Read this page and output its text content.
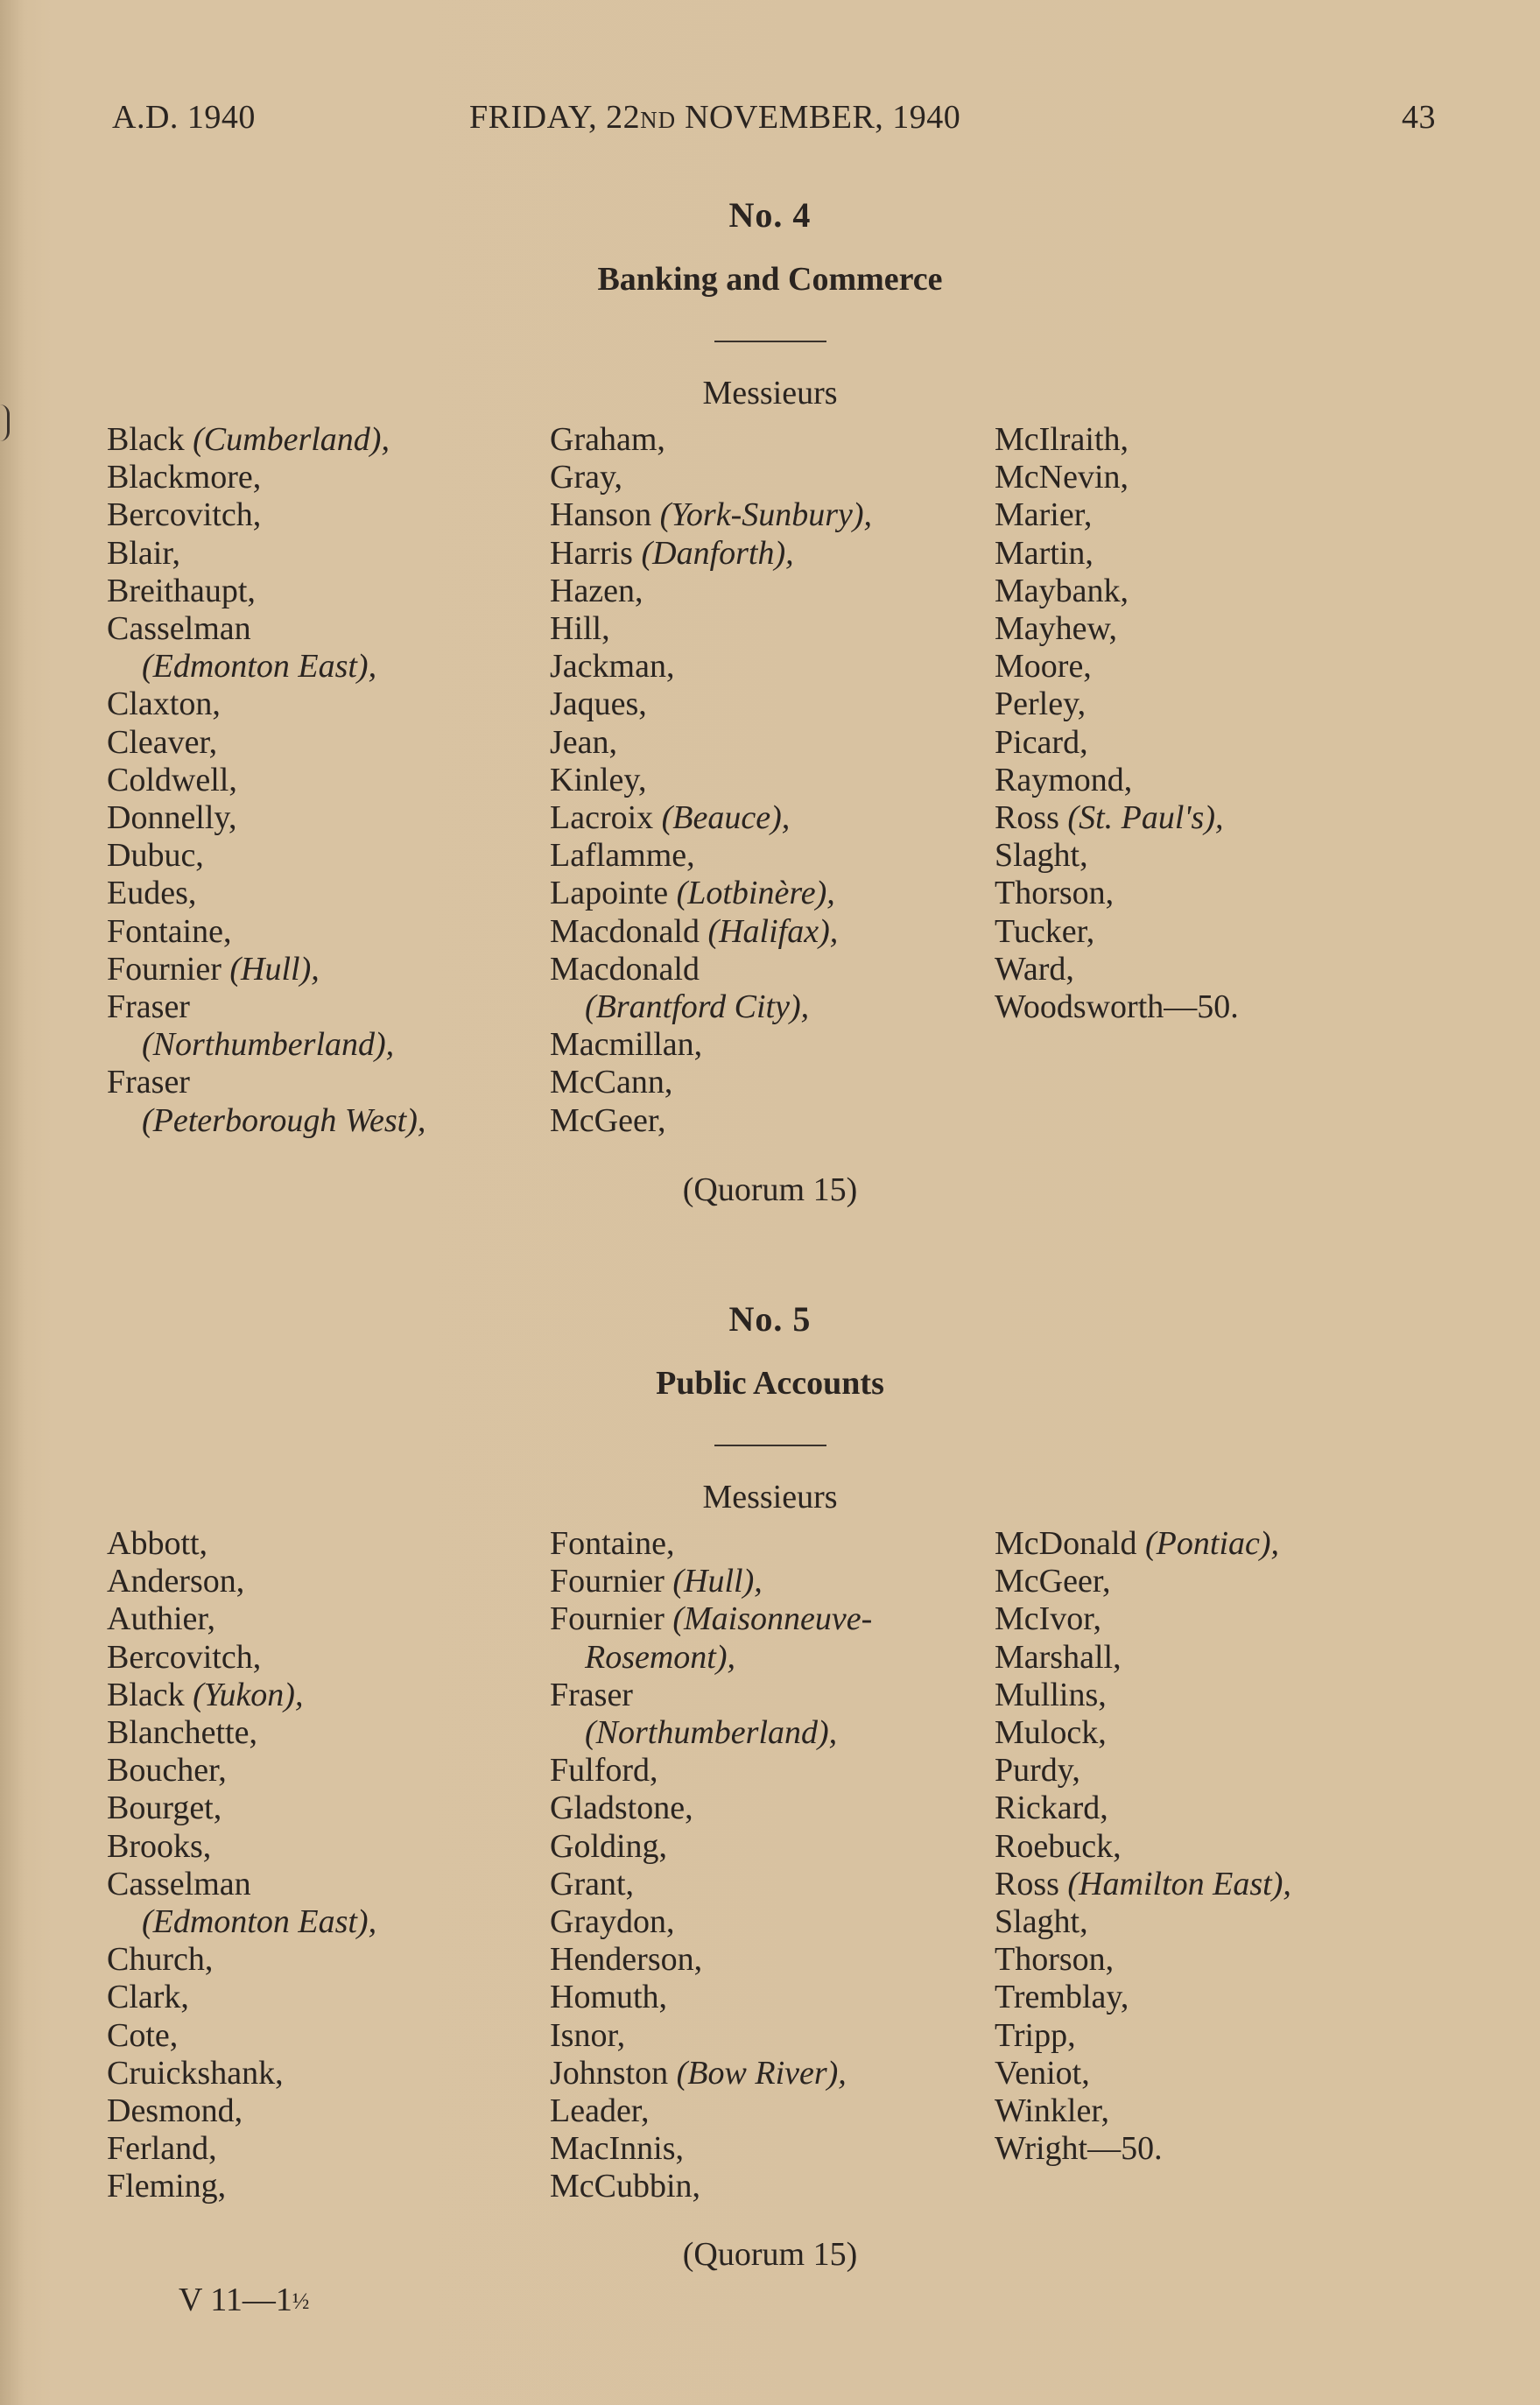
A.D. 1940	FRIDAY, 22ND NOVEMBER, 1940	43
No. 4
Banking and Commerce
Messieurs
Black (Cumberland),
Blackmore,
Bercovitch,
Blair,
Breithaupt,
Casselman
(Edmonton East),
Claxton,
Cleaver,
Coldwell,
Donnelly,
Dubuc,
Eudes,
Fontaine,
Fournier (Hull),
Fraser
(Northumberland),
Fraser
(Peterborough West),
Graham,
Gray,
Hanson (York-Sunbury),
Harris (Danforth),
Hazen,
Hill,
Jackman,
Jaques,
Jean,
Kinley,
Lacroix (Beauce),
Laflamme,
Lapointe (Lotbinère),
Macdonald (Halifax),
Macdonald
(Brantford City),
Macmillan,
McCann,
McGeer,
McIlraith,
McNevin,
Marier,
Martin,
Maybank,
Mayhew,
Moore,
Perley,
Picard,
Raymond,
Ross (St. Paul's),
Slaght,
Thorson,
Tucker,
Ward,
Woodsworth—50.
(Quorum 15)
No. 5
Public Accounts
Messieurs
Abbott,
Anderson,
Authier,
Bercovitch,
Black (Yukon),
Blanchette,
Boucher,
Bourget,
Brooks,
Casselman
(Edmonton East),
Church,
Clark,
Cote,
Cruickshank,
Desmond,
Ferland,
Fleming,
Fontaine,
Fournier (Hull),
Fournier (Maisonneuve-
Rosemont),
Fraser
(Northumberland),
Fulford,
Gladstone,
Golding,
Grant,
Graydon,
Henderson,
Homuth,
Isnor,
Johnston (Bow River),
Leader,
MacInnis,
McCubbin,
McDonald (Pontiac),
McGeer,
McIvor,
Marshall,
Mullins,
Mulock,
Purdy,
Rickard,
Roebuck,
Ross (Hamilton East),
Slaght,
Thorson,
Tremblay,
Tripp,
Veniot,
Winkler,
Wright—50.
(Quorum 15)
V 11—1½
